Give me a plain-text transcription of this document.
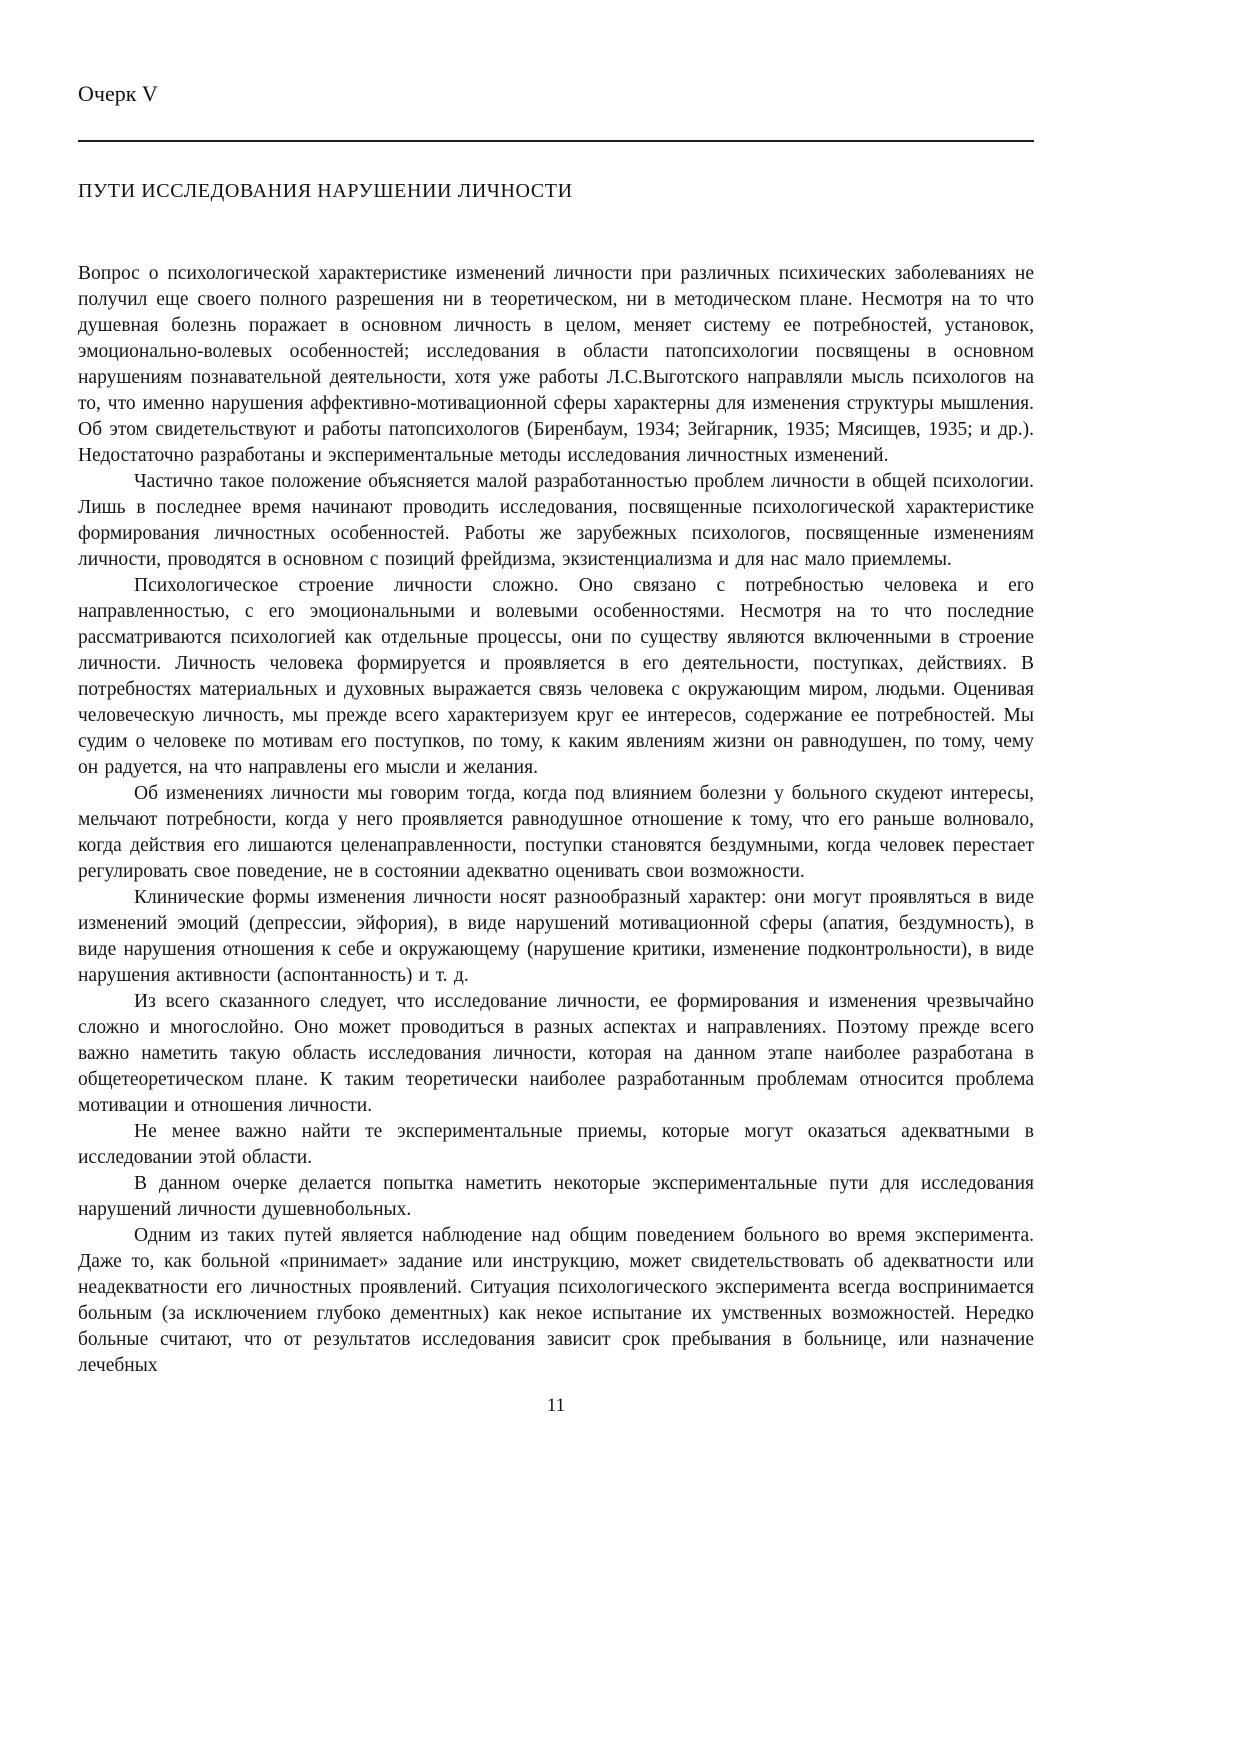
Очерк V
ПУТИ ИССЛЕДОВАНИЯ НАРУШЕНИИ ЛИЧНОСТИ

Вопрос о психологической характеристике изменений личности при различных психических заболеваниях не получил еще своего полного разрешения ни в теоретическом, ни в методическом плане. Несмотря на то что душевная болезнь поражает в основном личность в целом, меняет систему ее потребностей, установок, эмоционально-волевых особенностей; исследования в области патопсихологии посвящены в основном нарушениям познавательной деятельности, хотя уже работы Л.С.Выготского направляли мысль психологов на то, что именно нарушения аффективно-мотивационной сферы характерны для изменения структуры мышления. Об этом свидетельствуют и работы патопсихологов (Биренбаум, 1934; Зейгарник, 1935; Мясищев, 1935; и др.). Недостаточно разработаны и экспериментальные методы исследования личностных изменений.

Частично такое положение объясняется малой разработанностью проблем личности в общей психологии. Лишь в последнее время начинают проводить исследования, посвященные психологической характеристике формирования личностных особенностей. Работы же зарубежных психологов, посвященные изменениям личности, проводятся в основном с позиций фрейдизма, экзистенциализма и для нас мало приемлемы.

Психологическое строение личности сложно. Оно связано с потребностью человека и его направленностью, с его эмоциональными и волевыми особенностями. Несмотря на то что последние рассматриваются психологией как отдельные процессы, они по существу являются включенными в строение личности. Личность человека формируется и проявляется в его деятельности, поступках, действиях. В потребностях материальных и духовных выражается связь человека с окружающим миром, людьми. Оценивая человеческую личность, мы прежде всего характеризуем круг ее интересов, содержание ее потребностей. Мы судим о человеке по мотивам его поступков, по тому, к каким явлениям жизни он равнодушен, по тому, чему он радуется, на что направлены его мысли и желания.

Об изменениях личности мы говорим тогда, когда под влиянием болезни у больного скудеют интересы, мельчают потребности, когда у него проявляется равнодушное отношение к тому, что его раньше волновало, когда действия его лишаются целенаправленности, поступки становятся бездумными, когда человек перестает регулировать свое поведение, не в состоянии адекватно оценивать свои возможности.

Клинические формы изменения личности носят разнообразный характер: они могут проявляться в виде изменений эмоций (депрессии, эйфория), в виде нарушений мотивационной сферы (апатия, бездумность), в виде нарушения отношения к себе и окружающему (нарушение критики, изменение подконтрольности), в виде нарушения активности (аспонтанность) и т. д.

Из всего сказанного следует, что исследование личности, ее формирования и изменения чрезвычайно сложно и многослойно. Оно может проводиться в разных аспектах и направлениях. Поэтому прежде всего важно наметить такую область исследования личности, которая на данном этапе наиболее разработана в общетеоретическом плане. К таким теоретически наиболее разработанным проблемам относится проблема мотивации и отношения личности.

Не менее важно найти те экспериментальные приемы, которые могут оказаться адекватными в исследовании этой области.

В данном очерке делается попытка наметить некоторые экспериментальные пути для исследования нарушений личности душевнобольных.

Одним из таких путей является наблюдение над общим поведением больного во время эксперимента. Даже то, как больной «принимает» задание или инструкцию, может свидетельствовать об адекватности или неадекватности его личностных проявлений. Ситуация психологического эксперимента всегда воспринимается больным (за исключением глубоко дементных) как некое испытание их умственных возможностей. Нередко больные считают, что от результатов исследования зависит срок пребывания в больнице, или назначение лечебных

11
